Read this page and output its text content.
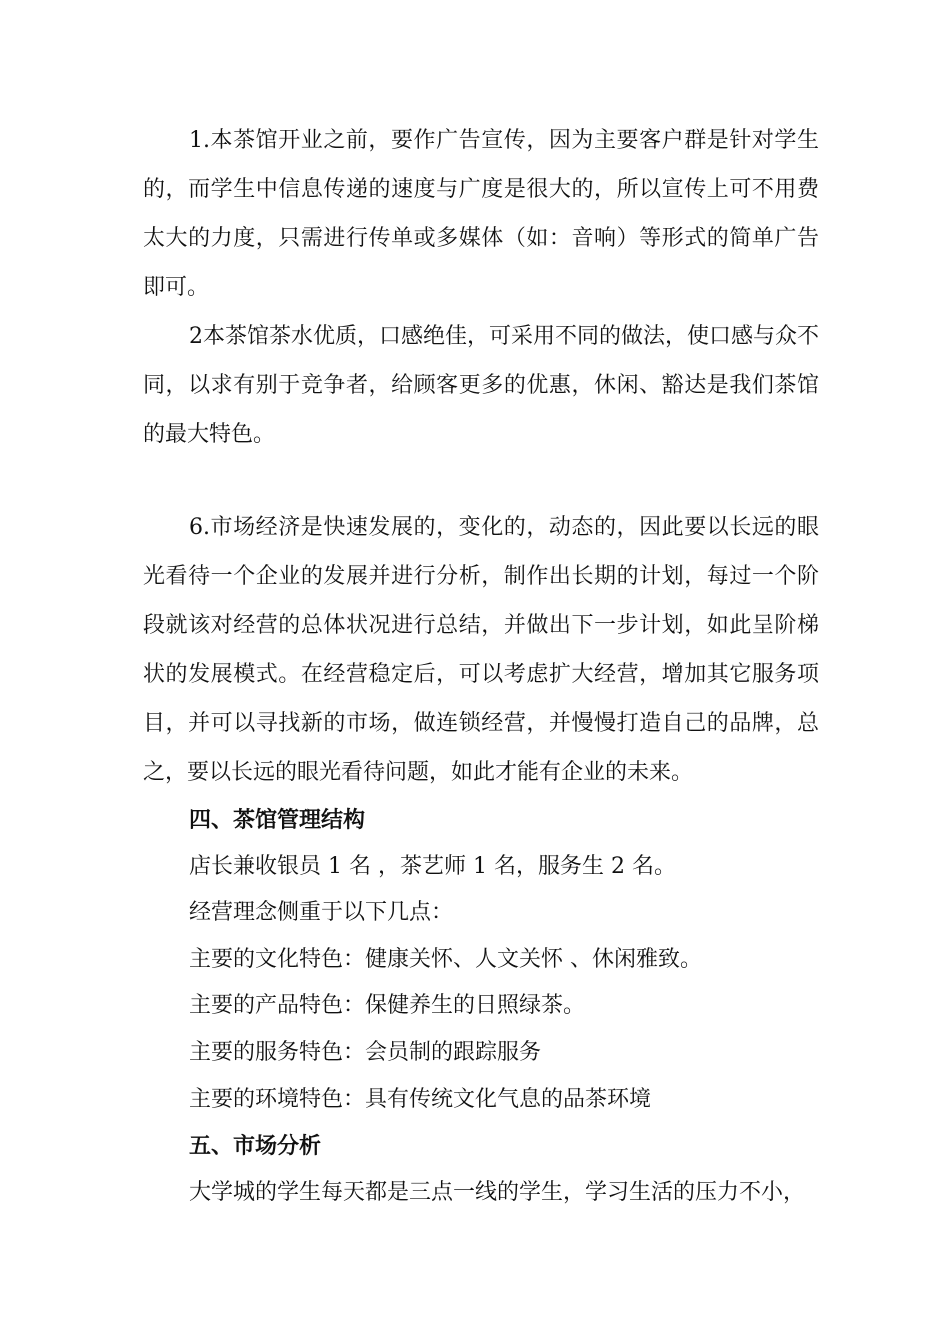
1.本茶馆开业之前，要作广告宣传，因为主要客户群是针对学生的，而学生中信息传递的速度与广度是很大的，所以宣传上可不用费太大的力度，只需进行传单或多媒体（如：音响）等形式的简单广告即可。

2本茶馆茶水优质，口感绝佳，可采用不同的做法，使口感与众不同，以求有别于竞争者，给顾客更多的优惠，休闲、豁达是我们茶馆的最大特色。

6.市场经济是快速发展的，变化的，动态的，因此要以长远的眼光看待一个企业的发展并进行分析，制作出长期的计划，每过一个阶段就该对经营的总体状况进行总结，并做出下一步计划，如此呈阶梯状的发展模式。在经营稳定后，可以考虑扩大经营，增加其它服务项目，并可以寻找新的市场，做连锁经营，并慢慢打造自己的品牌，总之，要以长远的眼光看待问题，如此才能有企业的未来。

四、茶馆管理结构

店长兼收银员 1 名 ，茶艺师 1 名，服务生 2 名。

经营理念侧重于以下几点：

主要的文化特色：健康关怀、人文关怀 、休闲雅致。

主要的产品特色：保健养生的日照绿茶。

主要的服务特色：会员制的跟踪服务

主要的环境特色：具有传统文化气息的品茶环境

五、市场分析

大学城的学生每天都是三点一线的学生，学习生活的压力不小，
